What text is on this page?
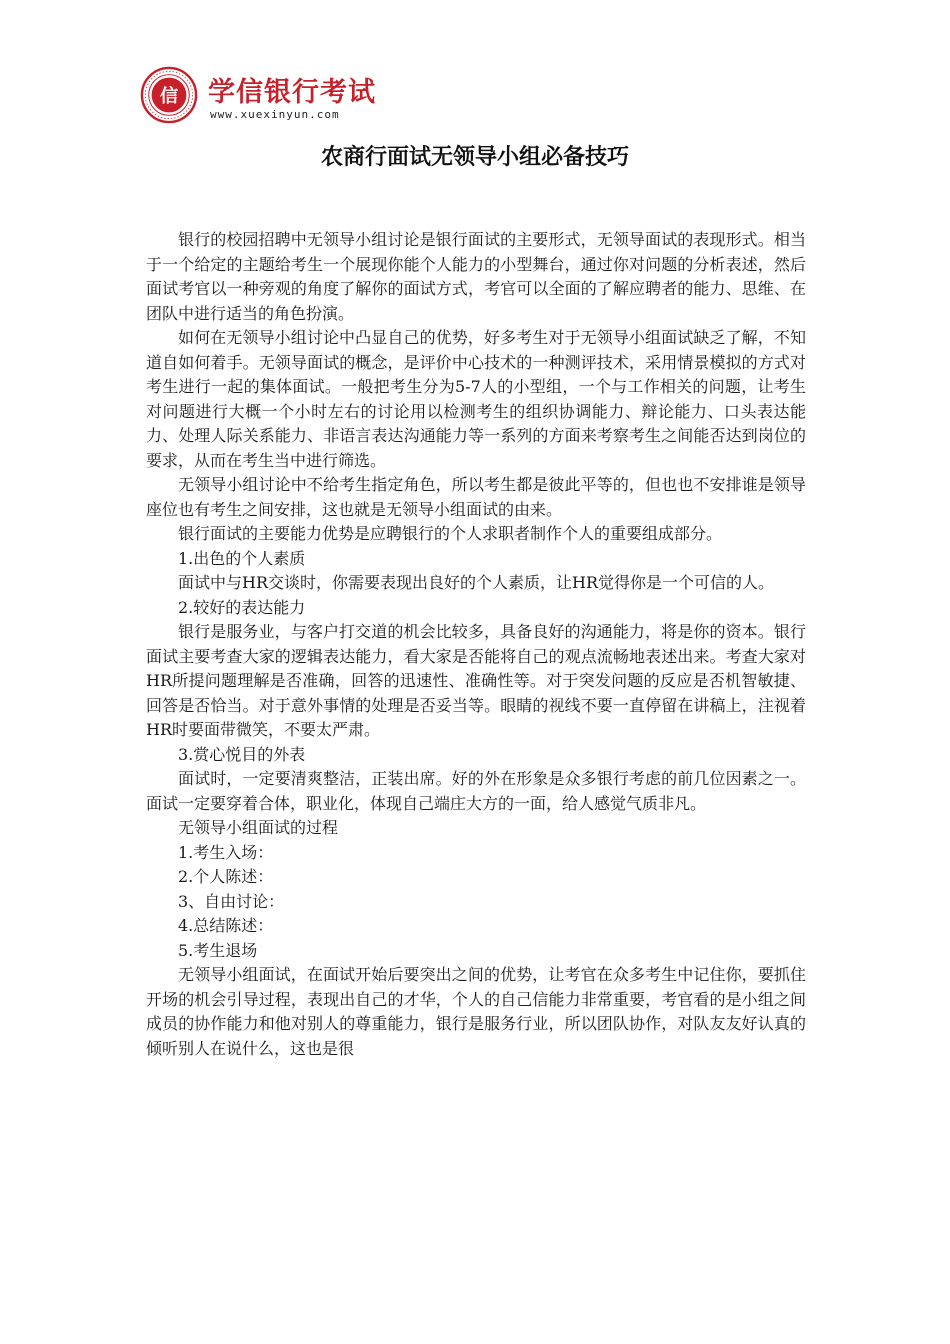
信 学信银行考试
www.xuexinyun.com
农商行面试无领导小组必备技巧

银行的校园招聘中无领导小组讨论是银行面试的主要形式，无领导面试的表现形式。相当于一个给定的主题给考生一个展现你能个人能力的小型舞台，通过你对问题的分析表述，然后面试考官以一种旁观的角度了解你的面试方式，考官可以全面的了解应聘者的能力、思维、在团队中进行适当的角色扮演。

如何在无领导小组讨论中凸显自己的优势，好多考生对于无领导小组面试缺乏了解，不知道自如何着手。无领导面试的概念，是评价中心技术的一种测评技术，采用情景模拟的方式对考生进行一起的集体面试。一般把考生分为5-7人的小型组，一个与工作相关的问题，让考生对问题进行大概一个小时左右的讨论用以检测考生的组织协调能力、辩论能力、口头表达能力、处理人际关系能力、非语言表达沟通能力等一系列的方面来考察考生之间能否达到岗位的要求，从而在考生当中进行筛选。

无领导小组讨论中不给考生指定角色，所以考生都是彼此平等的，但也也不安排谁是领导座位也有考生之间安排，这也就是无领导小组面试的由来。

银行面试的主要能力优势是应聘银行的个人求职者制作个人的重要组成部分。

1.出色的个人素质

面试中与HR交谈时，你需要表现出良好的个人素质，让HR觉得你是一个可信的人。

2.较好的表达能力

银行是服务业，与客户打交道的机会比较多，具备良好的沟通能力，将是你的资本。银行面试主要考查大家的逻辑表达能力，看大家是否能将自己的观点流畅地表述出来。考查大家对HR所提问题理解是否准确，回答的迅速性、准确性等。对于突发问题的反应是否机智敏捷、回答是否恰当。对于意外事情的处理是否妥当等。眼睛的视线不要一直停留在讲稿上，注视着HR时要面带微笑，不要太严肃。

3.赏心悦目的外表

面试时，一定要清爽整洁，正装出席。好的外在形象是众多银行考虑的前几位因素之一。面试一定要穿着合体，职业化，体现自己端庄大方的一面，给人感觉气质非凡。

无领导小组面试的过程

1.考生入场：

2.个人陈述：

3、自由讨论：

4.总结陈述：

5.考生退场

无领导小组面试，在面试开始后要突出之间的优势，让考官在众多考生中记住你，要抓住开场的机会引导过程，表现出自己的才华，个人的自己信能力非常重要，考官看的是小组之间成员的协作能力和他对别人的尊重能力，银行是服务行业，所以团队协作，对队友友好认真的倾听别人在说什么，这也是很
